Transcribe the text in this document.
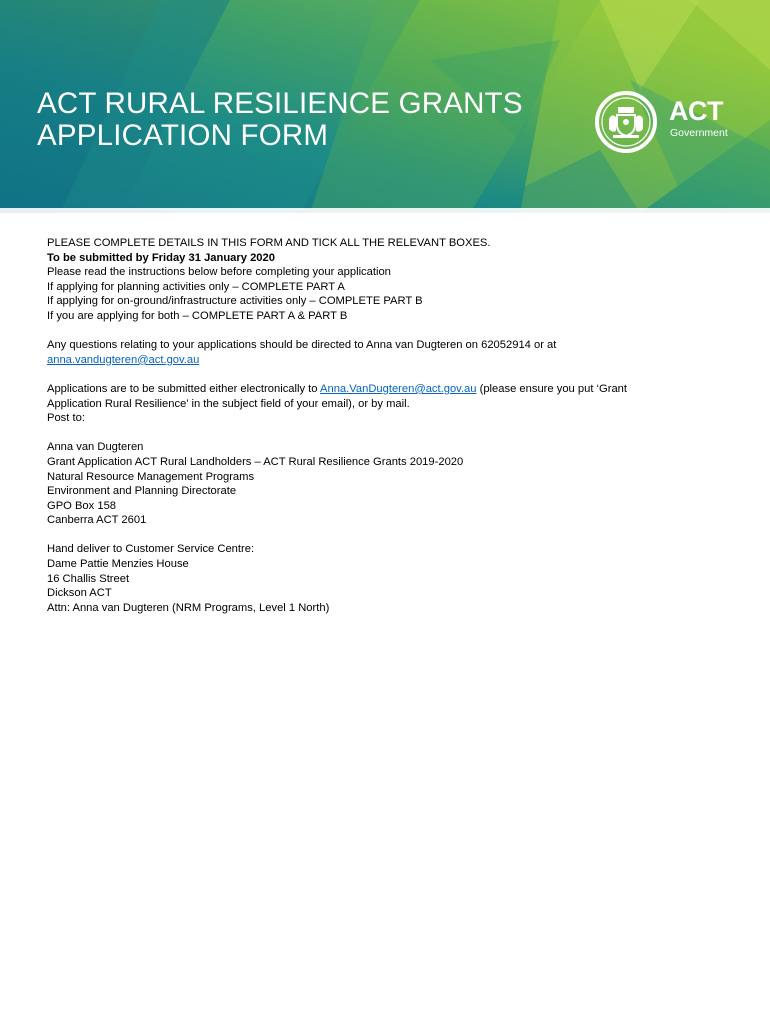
ACT RURAL RESILIENCE GRANTS
APPLICATION FORM
ACT
Government

PLEASE COMPLETE DETAILS IN THIS FORM AND TICK ALL THE RELEVANT BOXES.

To be submitted by Friday 31 January 2020

Please read the instructions below before completing your application

If applying for planning activities only – COMPLETE PART A

If applying for on-ground/infrastructure activities only – COMPLETE PART B

If you are applying for both – COMPLETE PART A & PART B

Any questions relating to your applications should be directed to Anna van Dugteren on 62052914 or at

anna.vandugteren@act.gov.au

Applications are to be submitted either electronically to Anna.VanDugteren@act.gov.au (please ensure you put ‘Grant

Application Rural Resilience’ in the subject field of your email), or by mail.

Post to:

Anna van Dugteren

Grant Application ACT Rural Landholders – ACT Rural Resilience Grants 2019-2020

Natural Resource Management Programs

Environment and Planning Directorate

GPO Box 158

Canberra ACT 2601

Hand deliver to Customer Service Centre:

Dame Pattie Menzies House

16 Challis Street

Dickson ACT

Attn: Anna van Dugteren (NRM Programs, Level 1 North)
